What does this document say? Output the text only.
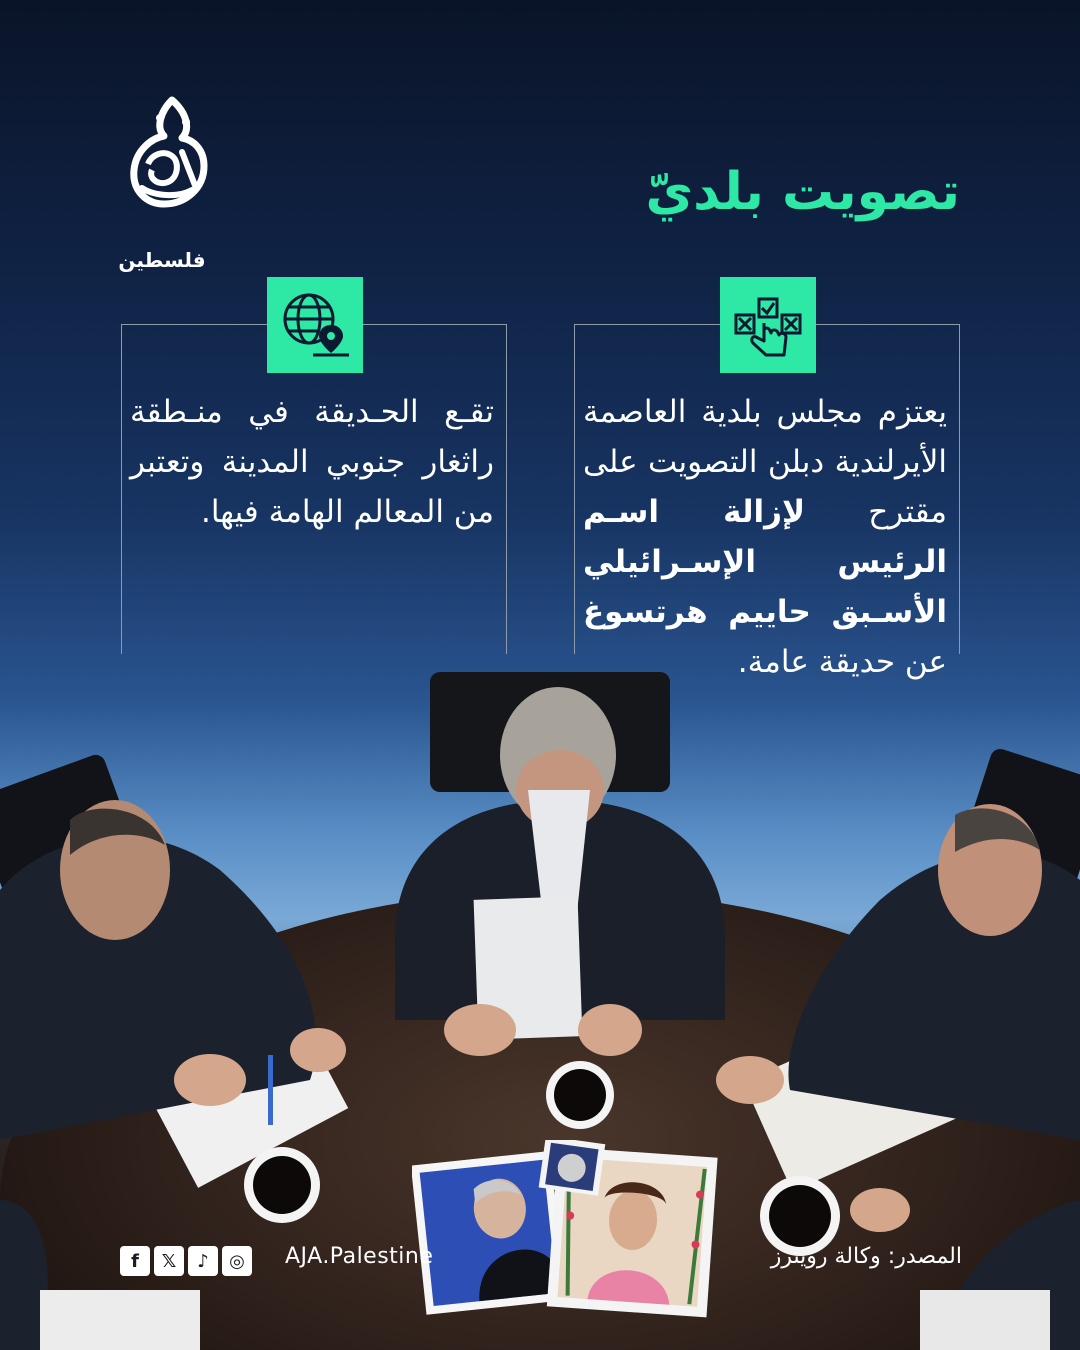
فلسطين
تصويت بلديّ
يعتزم مجلس بلدية العاصمة الأيرلندية دبلن التصويت على مقترح لإزالة اسـم الرئيس الإسـرائيلي الأسـبق حاييم هرتسوغ عن حديقة عامة.
تقـع الحـديقة في منـطقة راثغار جنوبي المدينة وتعتبر من المعالم الهامة فيها.
المصدر: وكالة رويترز
AJA.Palestine
f	𝕏	♪	◎
